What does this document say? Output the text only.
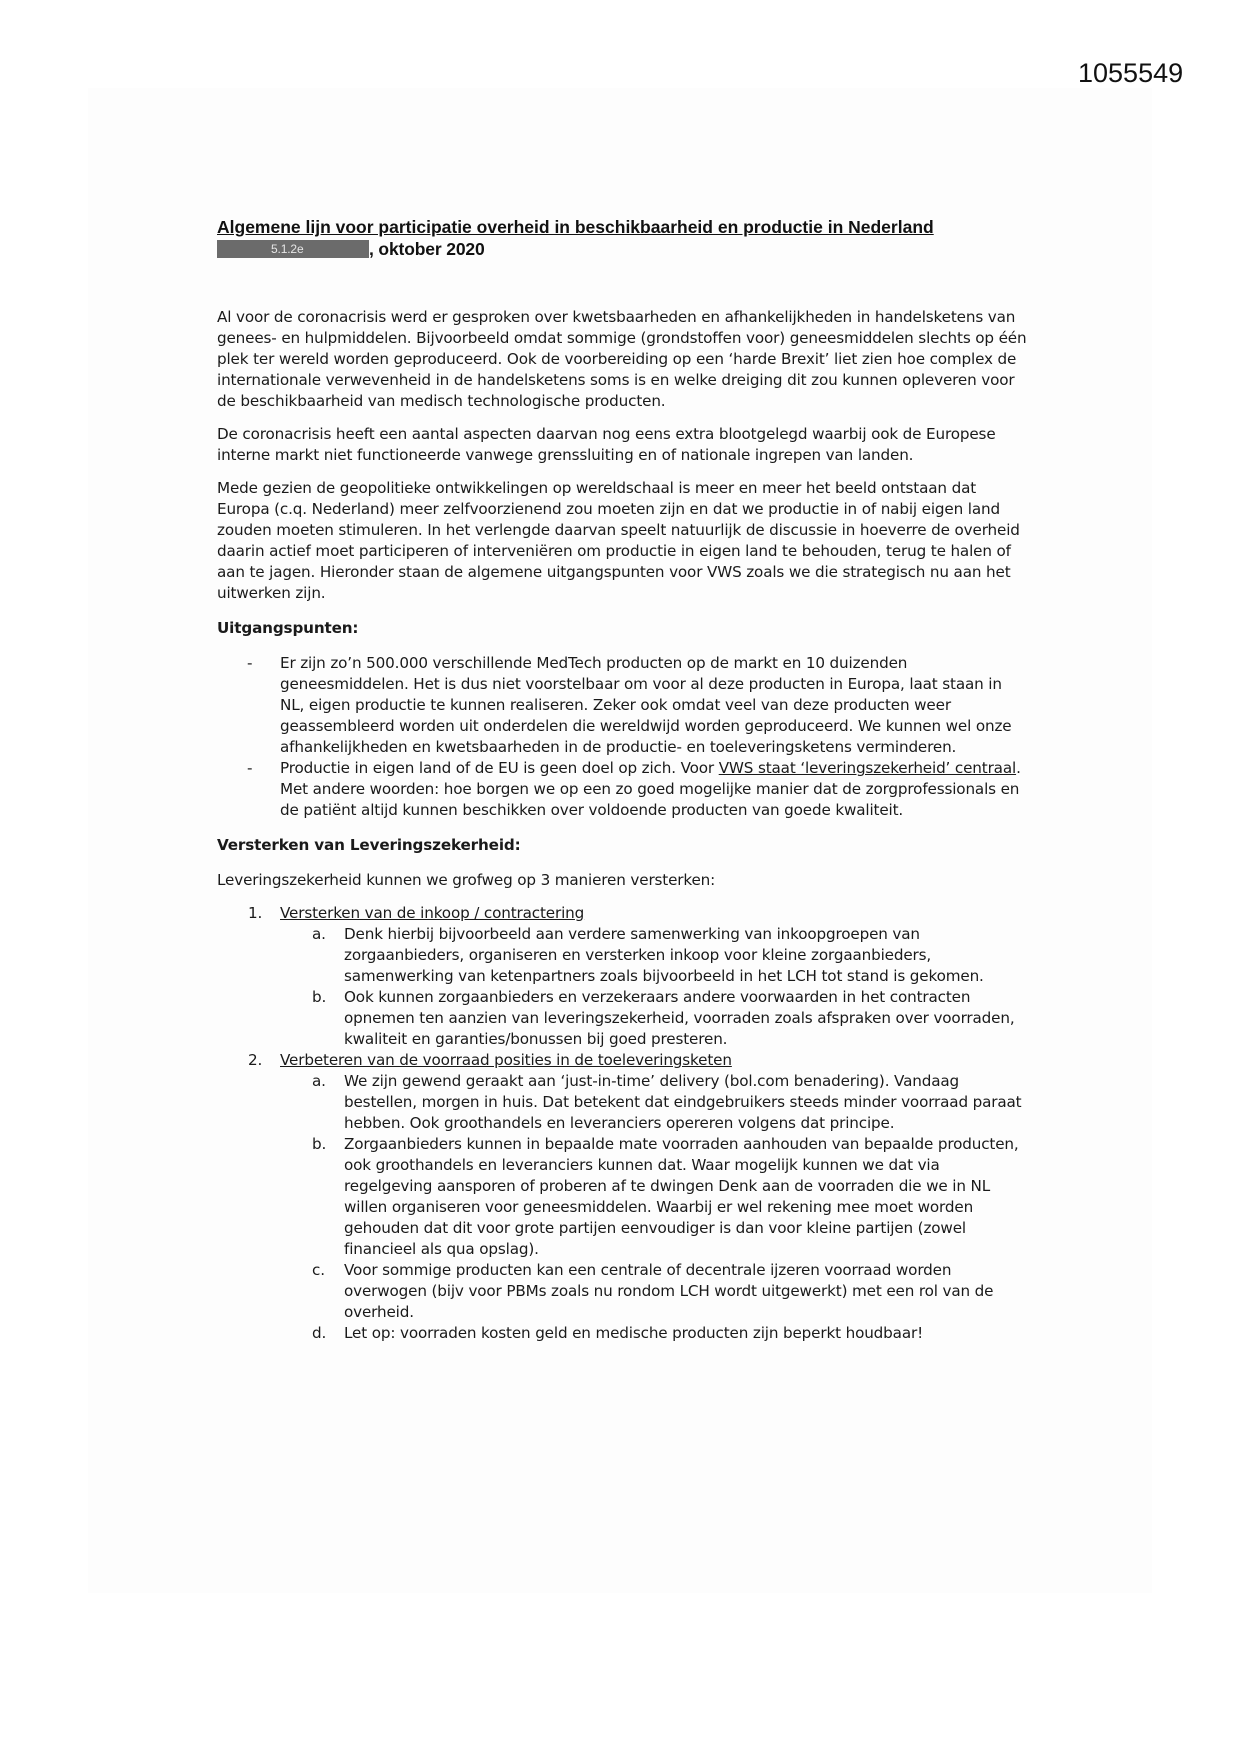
1055549
Algemene lijn voor participatie overheid in beschikbaarheid en productie in Nederland
5.1.2e	, oktober 2020

Al voor de coronacrisis werd er gesproken over kwetsbaarheden en afhankelijkheden in handelsketens van genees- en hulpmiddelen. Bijvoorbeeld omdat sommige (grondstoffen voor) geneesmiddelen slechts op één plek ter wereld worden geproduceerd. Ook de voorbereiding op een ‘harde Brexit’ liet zien hoe complex de internationale verwevenheid in de handelsketens soms is en welke dreiging dit zou kunnen opleveren voor de beschikbaarheid van medisch technologische producten.

De coronacrisis heeft een aantal aspecten daarvan nog eens extra blootgelegd waarbij ook de Europese interne markt niet functioneerde vanwege grenssluiting en of nationale ingrepen van landen.

Mede gezien de geopolitieke ontwikkelingen op wereldschaal is meer en meer het beeld ontstaan dat Europa (c.q. Nederland) meer zelfvoorzienend zou moeten zijn en dat we productie in of nabij eigen land zouden moeten stimuleren. In het verlengde daarvan speelt natuurlijk de discussie in hoeverre de overheid daarin actief moet participeren of interveniëren om productie in eigen land te behouden, terug te halen of aan te jagen. Hieronder staan de algemene uitgangspunten voor VWS zoals we die strategisch nu aan het uitwerken zijn.

Uitgangspunten:
-	Er zijn zo’n 500.000 verschillende MedTech producten op de markt en 10 duizenden geneesmiddelen. Het is dus niet voorstelbaar om voor al deze producten in Europa, laat staan in NL, eigen productie te kunnen realiseren. Zeker ook omdat veel van deze producten weer geassembleerd worden uit onderdelen die wereldwijd worden geproduceerd. We kunnen wel onze afhankelijkheden en kwetsbaarheden in de productie- en toeleveringsketens verminderen.
-	Productie in eigen land of de EU is geen doel op zich. Voor VWS staat ‘leveringszekerheid’ centraal. Met andere woorden: hoe borgen we op een zo goed mogelijke manier dat de zorgprofessionals en de patiënt altijd kunnen beschikken over voldoende producten van goede kwaliteit.
Versterken van Leveringszekerheid:

Leveringszekerheid kunnen we grofweg op 3 manieren versterken:

1.	Versterken van de inkoop / contractering
a.	Denk hierbij bijvoorbeeld aan verdere samenwerking van inkoopgroepen van zorgaanbieders, organiseren en versterken inkoop voor kleine zorgaanbieders, samenwerking van ketenpartners zoals bijvoorbeeld in het LCH tot stand is gekomen.
b.	Ook kunnen zorgaanbieders en verzekeraars andere voorwaarden in het contracten opnemen ten aanzien van leveringszekerheid, voorraden zoals afspraken over voorraden, kwaliteit en garanties/bonussen bij goed presteren.
2.	Verbeteren van de voorraad posities in de toeleveringsketen
a.	We zijn gewend geraakt aan ‘just-in-time’ delivery (bol.com benadering). Vandaag bestellen, morgen in huis. Dat betekent dat eindgebruikers steeds minder voorraad paraat hebben. Ook groothandels en leveranciers opereren volgens dat principe.
b.	Zorgaanbieders kunnen in bepaalde mate voorraden aanhouden van bepaalde producten, ook groothandels en leveranciers kunnen dat. Waar mogelijk kunnen we dat via regelgeving aansporen of proberen af te dwingen Denk aan de voorraden die we in NL willen organiseren voor geneesmiddelen. Waarbij er wel rekening mee moet worden gehouden dat dit voor grote partijen eenvoudiger is dan voor kleine partijen (zowel financieel als qua opslag).
c.	Voor sommige producten kan een centrale of decentrale ijzeren voorraad worden overwogen (bijv voor PBMs zoals nu rondom LCH wordt uitgewerkt) met een rol van de overheid.
d.	Let op: voorraden kosten geld en medische producten zijn beperkt houdbaar!
